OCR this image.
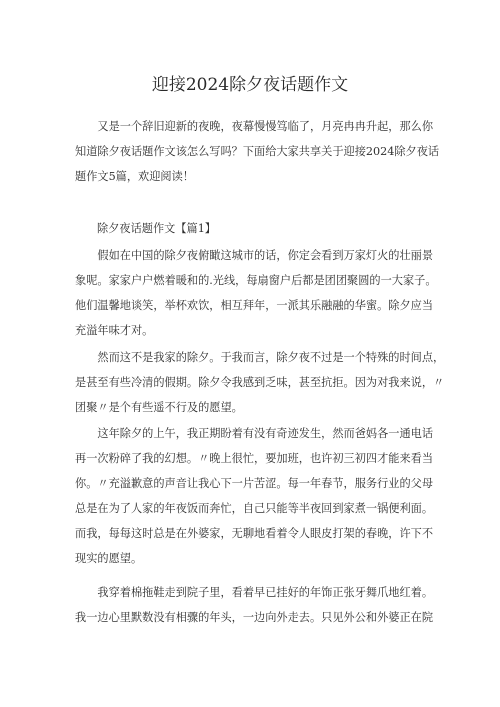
迎接2024除夕夜话题作文

又是一个辞旧迎新的夜晚，夜幕慢慢笃临了，月亮冉冉升起，那么你
知道除夕夜话题作文该怎么写吗？下面给大家共享关于迎接2024除夕夜话
题作文5篇，欢迎阅读！

除夕夜话题作文【篇1】

假如在中国的除夕夜俯瞰这城市的话，你定会看到万家灯火的壮丽景
象呢。家家户户燃着暖和的.光线，每扇窗户后都是团团聚圆的一大家子。
他们温馨地谈笑，举杯欢饮，相互拜年，一派其乐融融的华蜜。除夕应当
充溢年味才对。

然而这不是我家的除夕。于我而言，除夕夜不过是一个特殊的时间点，
是甚至有些冷清的假期。除夕令我感到乏味，甚至抗拒。因为对我来说，〃
团聚〃是个有些遥不行及的愿望。

这年除夕的上午，我正期盼着有没有奇迹发生，然而爸妈各一通电话
再一次粉碎了我的幻想。〃晚上很忙，要加班，也许初三初四才能来看当
你。〃充溢歉意的声音让我心下一片苦涩。每一年春节，服务行业的父母
总是在为了人家的年夜饭而奔忙，自己只能等半夜回到家煮一锅便利面。
而我，每每这时总是在外婆家，无聊地看着令人眼皮打架的春晚，许下不
现实的愿望。

我穿着棉拖鞋走到院子里，看着早已挂好的年饰正张牙舞爪地红着。
我一边心里默数没有相骤的年头，一边向外走去。只见外公和外婆正在院
